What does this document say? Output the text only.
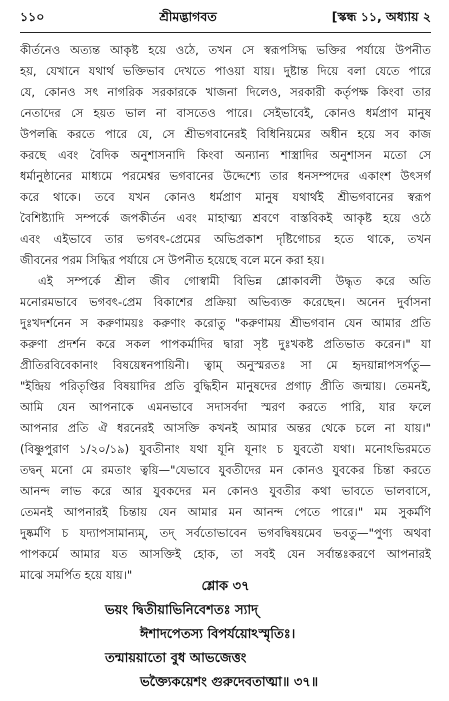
১১০	শ্রীমদ্ভাগবত	[স্কন্ধ ১১, অধ্যায় ২
কীর্তনেও অত্যন্ত আকৃষ্ট হয়ে ওঠে, তখন সে স্বরূপসিদ্ধ ভক্তির পর্যায়ে উপনীত
হয়, যেখানে যথার্থ ভক্তিভাব দেখতে পাওয়া যায়। দুষ্টান্ত দিয়ে বলা যেতে পারে
যে, কোনও সৎ নাগরিক সরকারকে খাজনা দিলেও, সরকারী কর্তৃপক্ষ কিংবা তার
নেতাদের সে হয়ত ভাল না বাসতেও পারে। সেইভাবেই, কোনও ধর্মপ্রাণ মানুষ
উপলব্ধি করতে পারে যে, সে শ্রীভগবানেরই বিধিনিয়মের অধীন হয়ে সব কাজ
করছে এবং বৈদিক অনুশাসনাদি কিংবা অন্যান্য শাস্ত্রাদির অনুশাসন মতো সে
ধর্মানুষ্ঠানের মাধ্যমে পরমেশ্বর ভগবানের উদ্দেশ্যে তার ধনসম্পদের একাংশ উৎসর্গ
করে থাকে। তবে যখন কোনও ধর্মপ্রাণ মানুষ যথার্থই শ্রীভগবানের স্বরূপ
বৈশিষ্ট্যাদি সম্পর্কে জপকীর্তন এবং মাহাত্ম্য শ্রবণে বাস্তবিকই আকৃষ্ট হয়ে ওঠে
এবং এইভাবে তার ভগবৎ-প্রেমের অভিপ্রকাশ দৃষ্টিগোচর হতে থাকে, তখন
জীবনের পরম সিদ্ধির পর্যায়ে সে উপনীত হয়েছে বলে মনে করা হয়।
এই সম্পর্কে শ্রীল জীব গোস্বামী বিভিন্ন শ্লোকাবলী উদ্ধৃত করে অতি
মনোরমভাবে ভগবৎ-প্রেম বিকাশের প্রক্রিয়া অভিব্যক্ত করেছেন। অনেন দুর্বাসনা
দুঃখদর্শনেন স করুণাময়ঃ করুণাং করোতু "করুণাময় শ্রীভগবান যেন আমার প্রতি
করুণা প্রদর্শন করে সকল পাপকর্মাদির দ্বারা সৃষ্ট দুঃখকষ্ট প্রতিভাত করেন।" যা
প্রীতিরবিবেকানাং বিষয়েষ্বনপায়িনী। ত্বাম্ অনুস্মরতঃ সা মে হৃদয়ান্নাপসর্পতু—
"ইন্দ্রিয় পরিতৃপ্তির বিষয়াদির প্রতি বুদ্ধিহীন মানুষদের প্রগাঢ় প্রীতি জন্মায়। তেমনই,
আমি যেন আপনাকে এমনভাবে সদাসর্বদা স্মরণ করতে পারি, যার ফলে
আপনার প্রতি ঐ ধরনেরই আসক্তি কখনই আমার অন্তর থেকে চলে না যায়।"
(বিষ্ণুপুরাণ ১/২০/১৯) যুবতীনাং যথা যূনি যূনাং চ যুবতৌ যথা। মনোঽভিরমতে
তদ্বন্ মনো মে রমতাং ত্বয়ি—"যেভাবে যুবতীদের মন কোনও যুবকের চিন্তা করতে
আনন্দ লাভ করে আর যুবকদের মন কোনও যুবতীর কথা ভাবতে ভালবাসে,
তেমনই আপনারই চিন্তায় যেন আমার মন আনন্দ পেতে পারে।" মম সুকর্মণি
দুষ্কর্মণি চ যদ্যাপসামান্যম্, তদ্ সর্বতোভাবেন ভগবদ্বিষয়মেব ভবতু—"পুণ্য অথবা
পাপকর্মে আমার যত আসক্তিই হোক, তা সবই যেন সর্বান্তঃকরণে আপনারই
মাঝে সমর্পিত হয়ে যায়।"
শ্লোক ৩৭
ভয়ং দ্বিতীয়াভিনিবেশতঃ স্যাদ্
ঈশাদপেতস্য বিপর্যয়োঽস্মৃতিঃ।
তন্মায়য়াতো বুধ আভজেত্তং
ভক্ত্যৈকয়েশং গুরুদেবতাত্মা॥ ৩৭॥
